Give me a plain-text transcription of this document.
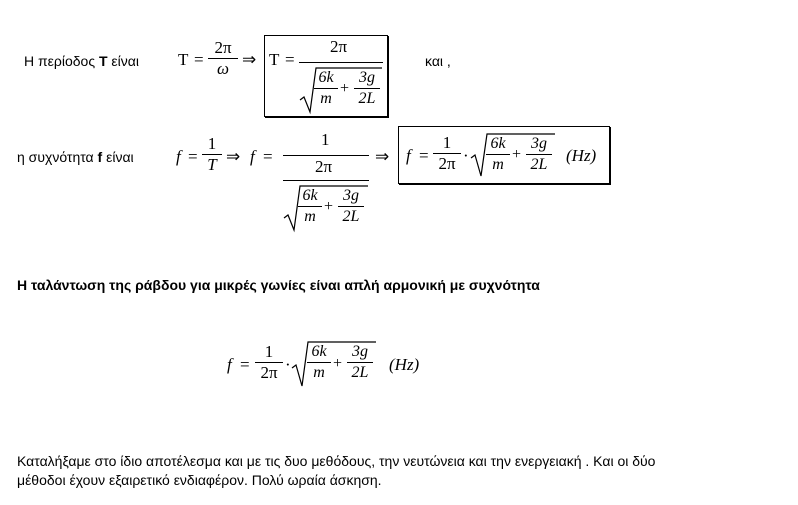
Η περίοδος T είναι T =
2π
ω ⇒ T =
2π
6k
m
+
3g
2L
και ,
η συχνότητα f είναι f =
1
T ⇒ f =
1
2π
6k
m
+
3g
2L
⇒ f =
1
2π ·
6k
m
+
3g
2L (Hz)
Η ταλάντωση της ράβδου για μικρές γωνίες είναι απλή αρμονική με συχνότητα
f =
1
2π ·
6k
m
+
3g
2L (Hz)
Καταλήξαμε στο ίδιο αποτέλεσμα και με τις δυο μεθόδους, την νευτώνεια και την ενεργειακή . Και οι δύο
μέθοδοι έχουν εξαιρετικό ενδιαφέρον. Πολύ ωραία άσκηση.
